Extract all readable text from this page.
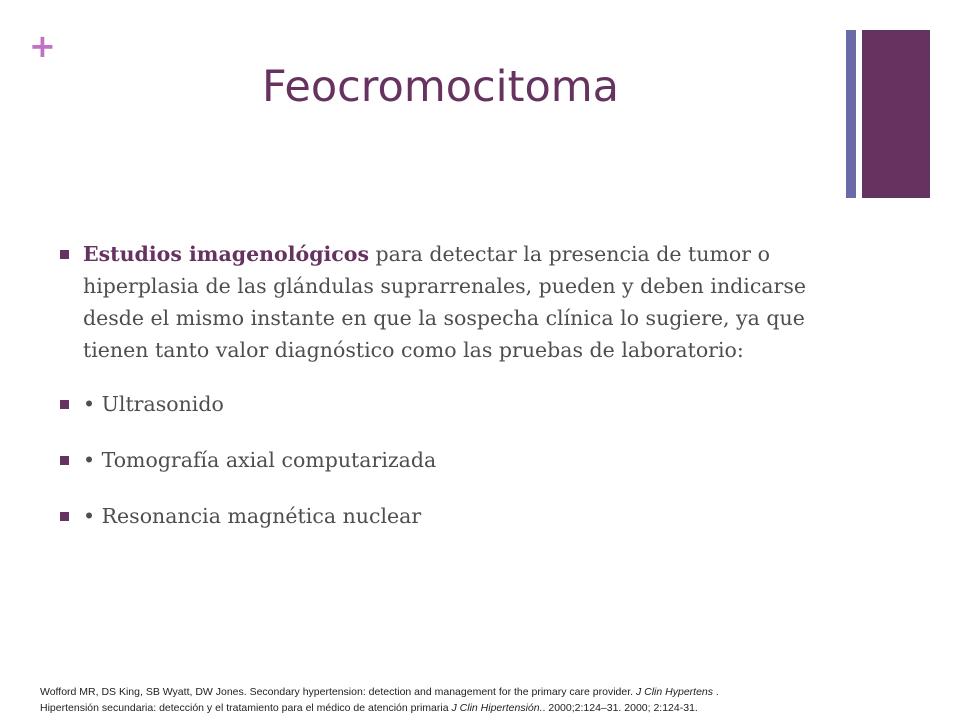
+
Feocromocitoma
Estudios imagenológicos para detectar la presencia de tumor o hiperplasia de las glándulas suprarrenales, pueden y deben indicarse desde el mismo instante en que la sospecha clínica lo sugiere, ya que tienen tanto valor diagnóstico como las pruebas de laboratorio:
• Ultrasonido
• Tomografía axial computarizada
• Resonancia magnética nuclear
Wofford MR, DS King, SB Wyatt, DW Jones. Secondary hypertension: detection and management for the primary care provider. J Clin Hypertens .
Hipertensión secundaria: detección y el tratamiento para el médico de atención primaria J Clin Hipertensión.. 2000;2:124–31. 2000; 2:124-31.
